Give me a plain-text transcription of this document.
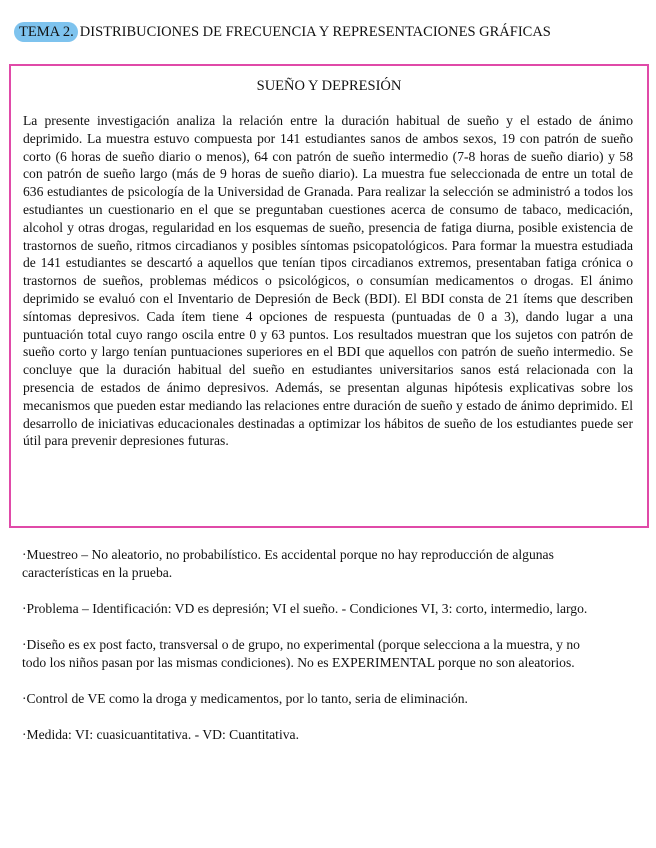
TEMA 2. DISTRIBUCIONES DE FRECUENCIA Y REPRESENTACIONES GRÁFICAS
SUEÑO Y DEPRESIÓN

La presente investigación analiza la relación entre la duración habitual de sueño y el estado de ánimo deprimido. La muestra estuvo compuesta por 141 estudiantes sanos de ambos sexos, 19 con patrón de sueño corto (6 horas de sueño diario o menos), 64 con patrón de sueño intermedio (7-8 horas de sueño diario) y 58 con patrón de sueño largo (más de 9 horas de sueño diario). La muestra fue seleccionada de entre un total de 636 estudiantes de psicología de la Universidad de Granada. Para realizar la selección se administró a todos los estudiantes un cuestionario en el que se preguntaban cuestiones acerca de consumo de tabaco, medicación, alcohol y otras drogas, regularidad en los esquemas de sueño, presencia de fatiga diurna, posible existencia de trastornos de sueño, ritmos circadianos y posibles síntomas psicopatológicos. Para formar la muestra estudiada de 141 estudiantes se descartó a aquellos que tenían tipos circadianos extremos, presentaban fatiga crónica o trastornos de sueños, problemas médicos o psicológicos, o consumían medicamentos o drogas. El ánimo deprimido se evaluó con el Inventario de Depresión de Beck (BDI). El BDI consta de 21 ítems que describen síntomas depresivos. Cada ítem tiene 4 opciones de respuesta (puntuadas de 0 a 3), dando lugar a una puntuación total cuyo rango oscila entre 0 y 63 puntos. Los resultados muestran que los sujetos con patrón de sueño corto y largo tenían puntuaciones superiores en el BDI que aquellos con patrón de sueño intermedio. Se concluye que la duración habitual del sueño en estudiantes universitarios sanos está relacionada con la presencia de estados de ánimo depresivos. Además, se presentan algunas hipótesis explicativas sobre los mecanismos que pueden estar mediando las relaciones entre duración de sueño y estado de ánimo deprimido. El desarrollo de iniciativas educacionales destinadas a optimizar los hábitos de sueño de los estudiantes puede ser útil para prevenir depresiones futuras.

·Muestreo – No aleatorio, no probabilístico. Es accidental porque no hay reproducción de algunas características en la prueba.

·Problema – Identificación: VD es depresión; VI el sueño. - Condiciones VI, 3: corto, intermedio, largo.

·Diseño es ex post facto, transversal o de grupo, no experimental (porque selecciona a la muestra, y no todo los niños pasan por las mismas condiciones). No es EXPERIMENTAL porque no son aleatorios.

·Control de VE como la droga y medicamentos, por lo tanto, seria de eliminación.

·Medida: VI: cuasicuantitativa. - VD: Cuantitativa.
